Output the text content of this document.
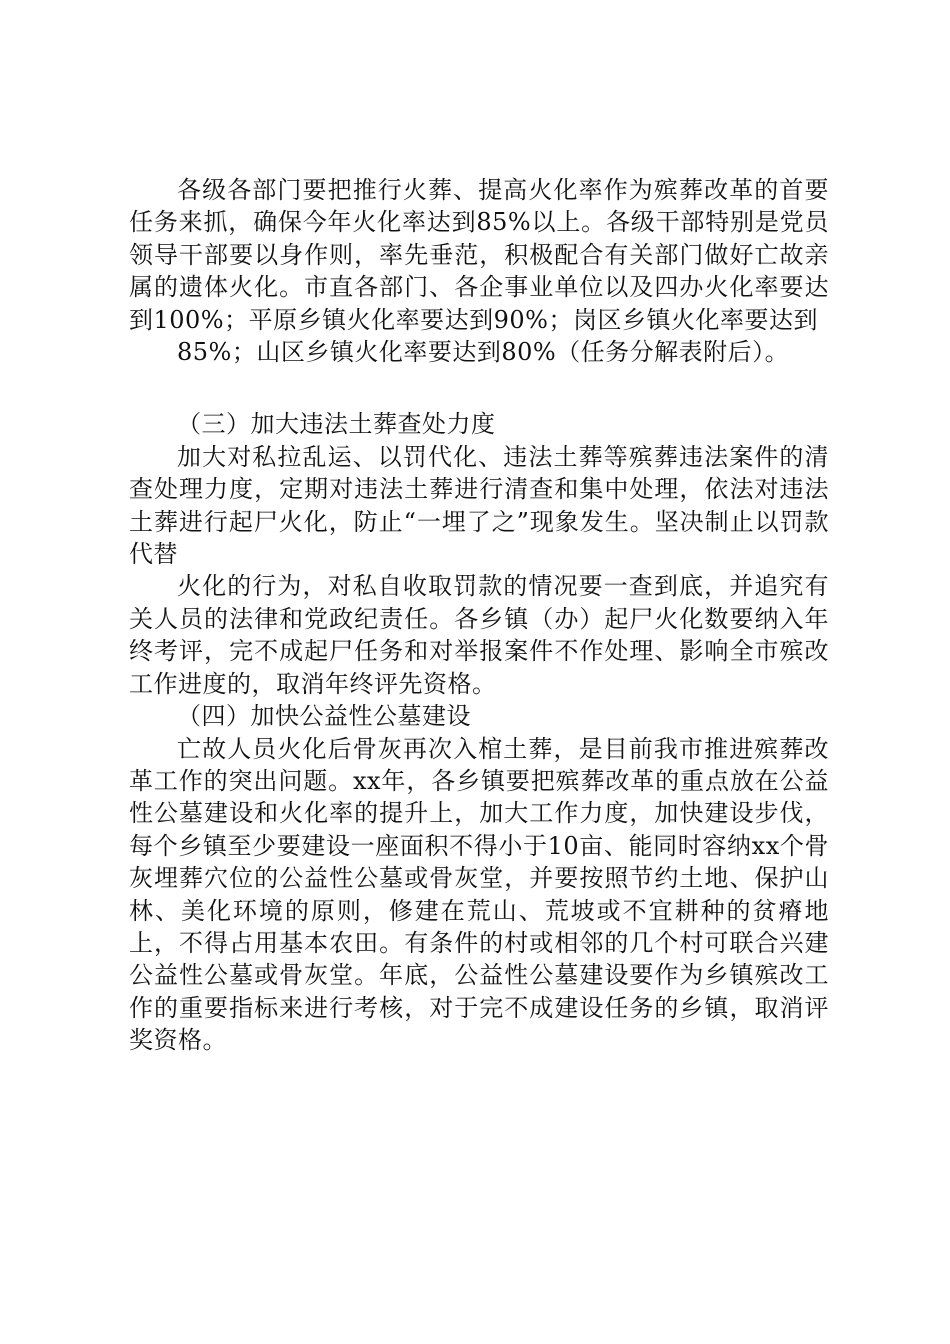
各级各部门要把推行火葬、提高火化率作为殡葬改革的首要任务来抓，确保今年火化率达到85%以上。各级干部特别是党员领导干部要以身作则，率先垂范，积极配合有关部门做好亡故亲属的遗体火化。市直各部门、各企事业单位以及四办火化率要达到100%；平原乡镇火化率要达到90%；岗区乡镇火化率要达到

85%；山区乡镇火化率要达到80%（任务分解表附后）。

（三）加大违法土葬查处力度

加大对私拉乱运、以罚代化、违法土葬等殡葬违法案件的清查处理力度，定期对违法土葬进行清查和集中处理，依法对违法土葬进行起尸火化，防止“一埋了之”现象发生。坚决制止以罚款代替

火化的行为，对私自收取罚款的情况要一查到底，并追究有关人员的法律和党政纪责任。各乡镇（办）起尸火化数要纳入年终考评，完不成起尸任务和对举报案件不作处理、影响全市殡改工作进度的，取消年终评先资格。

（四）加快公益性公墓建设

亡故人员火化后骨灰再次入棺土葬，是目前我市推进殡葬改革工作的突出问题。xx年，各乡镇要把殡葬改革的重点放在公益性公墓建设和火化率的提升上，加大工作力度，加快建设步伐，每个乡镇至少要建设一座面积不得小于10亩、能同时容纳xx个骨灰埋葬穴位的公益性公墓或骨灰堂，并要按照节约土地、保护山林、美化环境的原则，修建在荒山、荒坡或不宜耕种的贫瘠地上，不得占用基本农田。有条件的村或相邻的几个村可联合兴建公益性公墓或骨灰堂。年底，公益性公墓建设要作为乡镇殡改工作的重要指标来进行考核，对于完不成建设任务的乡镇，取消评奖资格。
